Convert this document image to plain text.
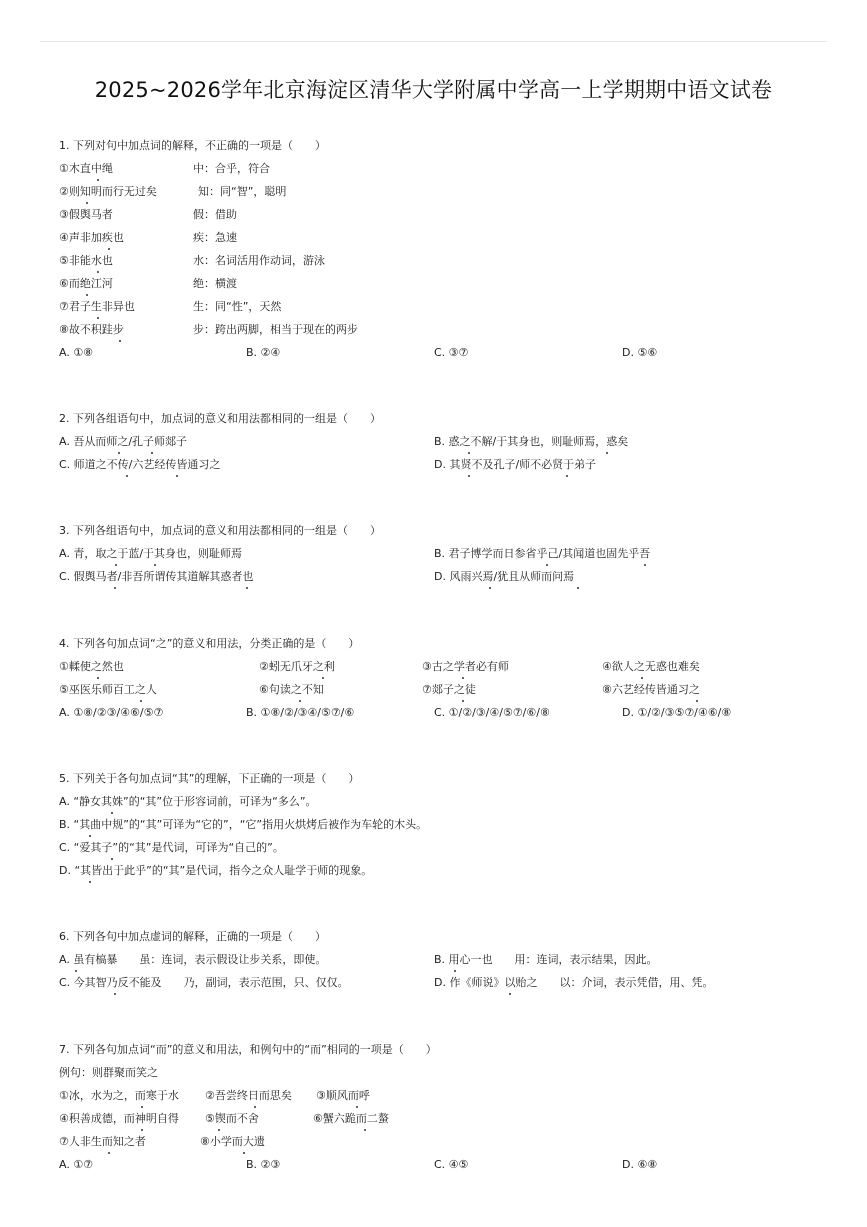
2025~2026学年北京海淀区清华大学附属中学高一上学期期中语文试卷
1. 下列对句中加点词的解释，不正确的一项是（　　）
①木直中绳	中：合乎，符合
②则知明而行无过矣	知：同“智”，聪明
③假舆马者	假：借助
④声非加疾也	疾：急速
⑤非能水也	水：名词活用作动词，游泳
⑥而绝江河	绝：横渡
⑦君子生非异也	生：同“性”，天然
⑧故不积跬步	步：跨出两脚，相当于现在的两步
A. ①⑧	B. ②④	C. ③⑦	D. ⑤⑥
2. 下列各组语句中，加点词的意义和用法都相同的一组是（　　）
A. 吾从而师之/孔子师郯子	B. 惑之不解/于其身也，则耻师焉，惑矣
C. 师道之不传/六艺经传皆通习之	D. 其贤不及孔子/师不必贤于弟子
3. 下列各组语句中，加点词的意义和用法都相同的一组是（　　）
A. 青，取之于蓝/于其身也，则耻师焉	B. 君子博学而日参省乎己/其闻道也固先乎吾
C. 假舆马者/非吾所谓传其道解其惑者也	D. 风雨兴焉/犹且从师而问焉
4. 下列各句加点词“之”的意义和用法，分类正确的是（　　）
①輮使之然也	②蚓无爪牙之利	③古之学者必有师	④欲人之无惑也难矣
⑤巫医乐师百工之人	⑥句读之不知	⑦郯子之徒	⑧六艺经传皆通习之
A. ①⑧/②③/④⑥/⑤⑦	B. ①⑧/②/③④/⑤⑦/⑥	C. ①/②/③/④/⑤⑦/⑥/⑧	D. ①/②/③⑤⑦/④⑥/⑧
5. 下列关于各句加点词“其”的理解，下正确的一项是（　　）
A. “静女其姝”的“其”位于形容词前，可译为“多么”。
B. “其曲中规”的“其”可译为“它的”，“它”指用火烘烤后被作为车轮的木头。
C. “爱其子”的“其”是代词，可译为“自己的”。
D. “其皆出于此乎”的“其”是代词，指今之众人耻学于师的现象。
6. 下列各句中加点虚词的解释，正确的一项是（　　）
A. 虽有槁暴　　虽：连词，表示假设让步关系，即使。	B. 用心一也　　用：连词，表示结果，因此。
C. 今其智乃反不能及　　乃，副词，表示范围，只、仅仅。	D. 作《师说》以贻之　　以：介词，表示凭借，用、凭。
7. 下列各句加点词“而”的意义和用法，和例句中的“而”相同的一项是（　　）
例句：则群聚而笑之
①冰，水为之，而寒于水 ②吾尝终日而思矣 ③顺风而呼
④积善成德，而神明自得 ⑤锲而不舍	⑥蟹六跪而二螯
⑦人非生而知之者	⑧小学而大遗
A. ①⑦	B. ②③	C. ④⑤	D. ⑥⑧
